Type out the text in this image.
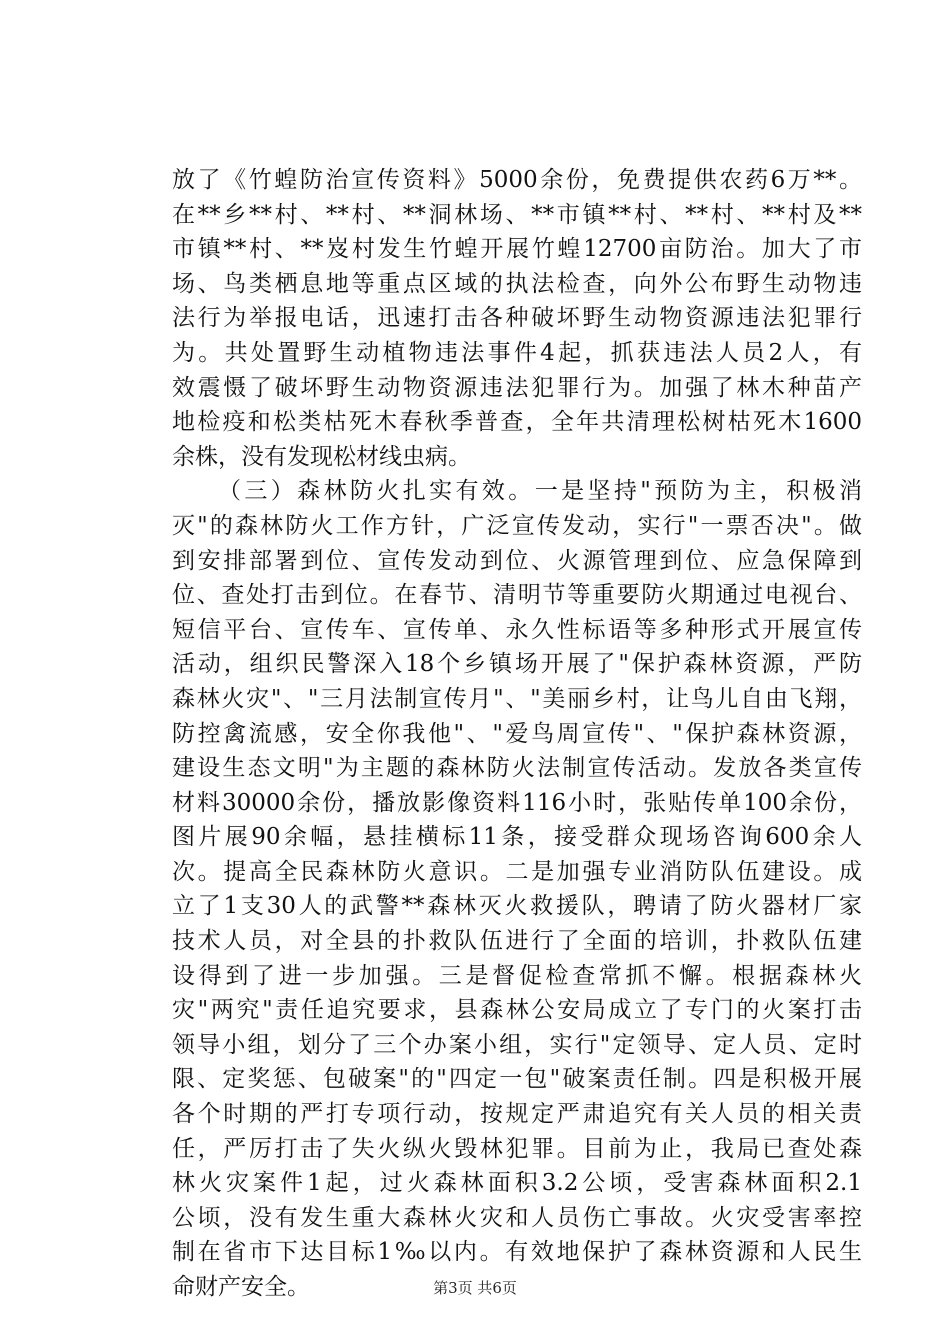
放了《竹蝗防治宣传资料》5000余份，免费提供农药6万**。
在**乡**村、**村、**洞林场、**市镇**村、**村、**村及**
市镇**村、**岌村发生竹蝗开展竹蝗12700亩防治。加大了市
场、鸟类栖息地等重点区域的执法检查，向外公布野生动物违
法行为举报电话，迅速打击各种破坏野生动物资源违法犯罪行
为。共处置野生动植物违法事件4起，抓获违法人员2人，有
效震慑了破坏野生动物资源违法犯罪行为。加强了林木种苗产
地检疫和松类枯死木春秋季普查，全年共清理松树枯死木1600
余株，没有发现松材线虫病。
（三）森林防火扎实有效。一是坚持"预防为主，积极消
灭"的森林防火工作方针，广泛宣传发动，实行"一票否决"。做
到安排部署到位、宣传发动到位、火源管理到位、应急保障到
位、查处打击到位。在春节、清明节等重要防火期通过电视台、
短信平台、宣传车、宣传单、永久性标语等多种形式开展宣传
活动，组织民警深入18个乡镇场开展了"保护森林资源，严防
森林火灾"、"三月法制宣传月"、"美丽乡村，让鸟儿自由飞翔，
防控禽流感，安全你我他"、"爱鸟周宣传"、"保护森林资源，
建设生态文明"为主题的森林防火法制宣传活动。发放各类宣传
材料30000余份，播放影像资料116小时，张贴传单100余份，
图片展90余幅，悬挂横标11条，接受群众现场咨询600余人
次。提高全民森林防火意识。二是加强专业消防队伍建设。成
立了1支30人的武警**森林灭火救援队，聘请了防火器材厂家
技术人员，对全县的扑救队伍进行了全面的培训，扑救队伍建
设得到了进一步加强。三是督促检查常抓不懈。根据森林火
灾"两究"责任追究要求，县森林公安局成立了专门的火案打击
领导小组，划分了三个办案小组，实行"定领导、定人员、定时
限、定奖惩、包破案"的"四定一包"破案责任制。四是积极开展
各个时期的严打专项行动，按规定严肃追究有关人员的相关责
任，严厉打击了失火纵火毁林犯罪。目前为止，我局已查处森
林火灾案件1起，过火森林面积3.2公顷，受害森林面积2.1
公顷，没有发生重大森林火灾和人员伤亡事故。火灾受害率控
制在省市下达目标1‰以内。有效地保护了森林资源和人民生
命财产安全。	第3页 共6页
